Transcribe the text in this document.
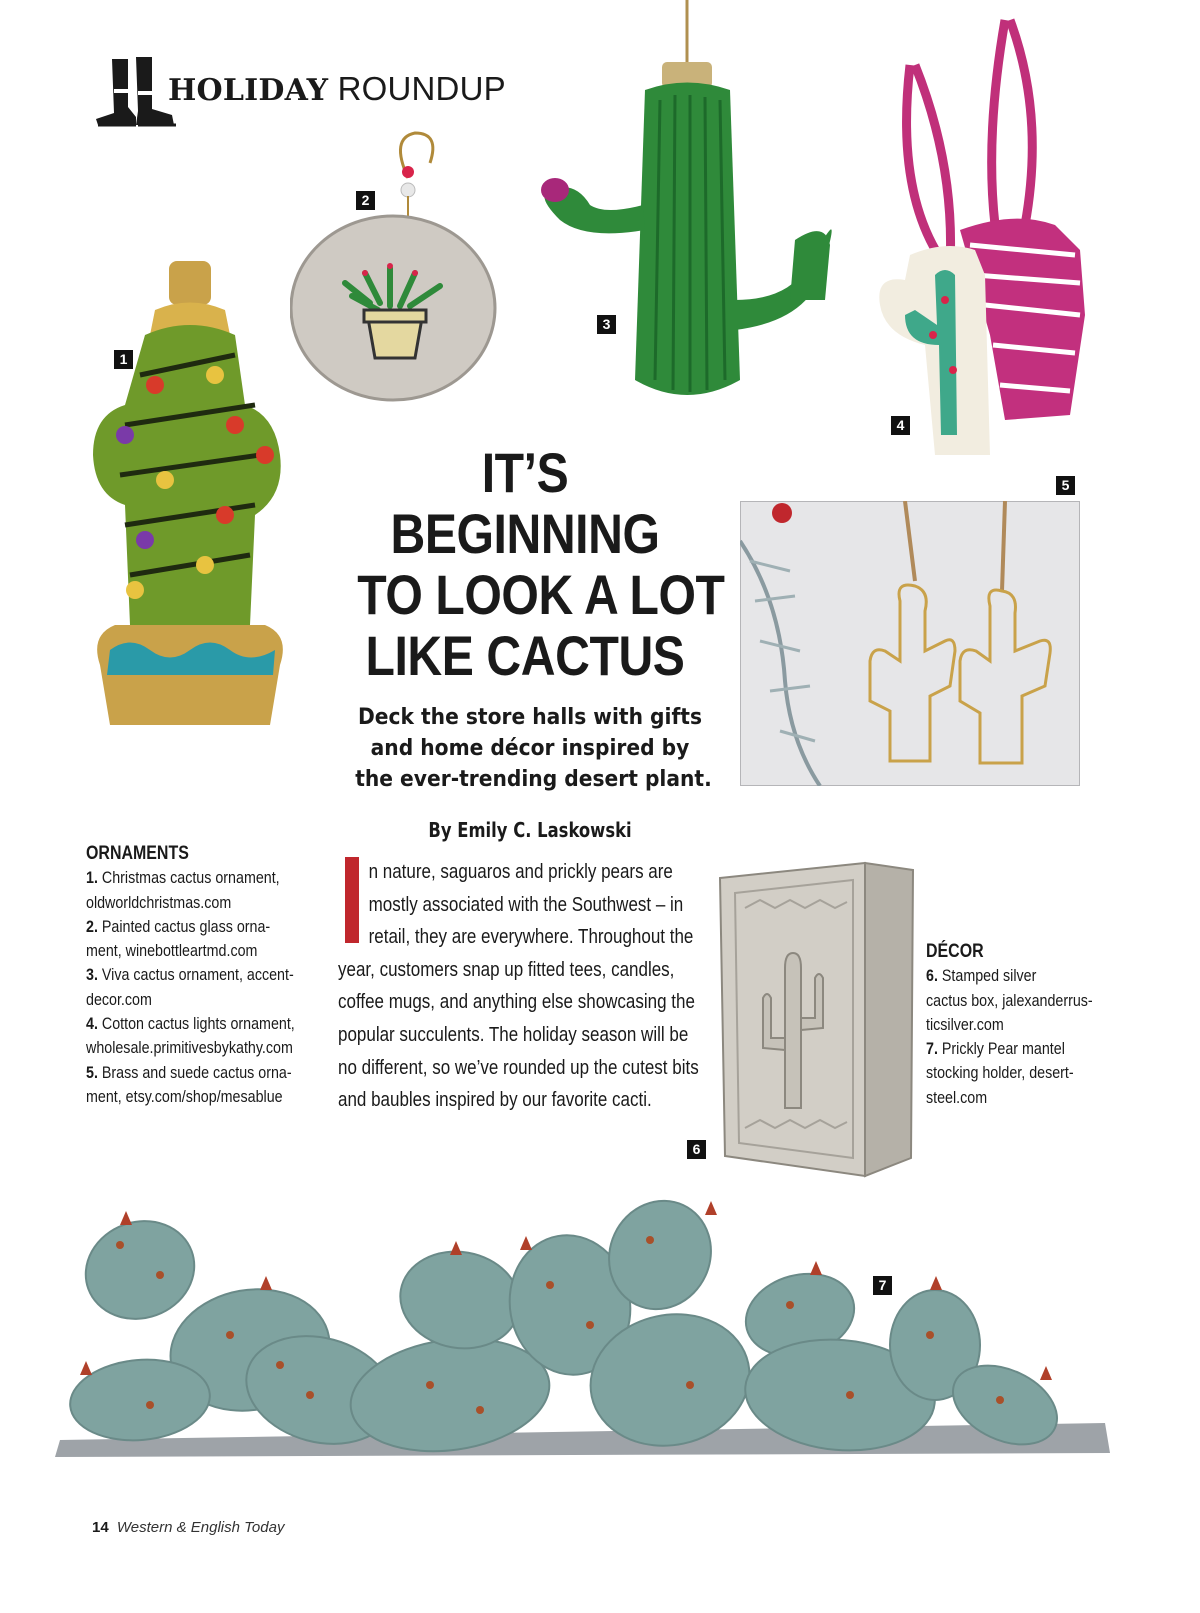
HOLIDAY ROUNDUP
1
2
3
4
5
IT’S
BEGINNING
TO LOOK A LOT
LIKE CACTUS
Deck the store halls with gifts
and home décor inspired by
the ever-trending desert plant.
By Emily C. Laskowski
n nature, saguaros and prickly pears are
mostly associated with the Southwest – in
retail, they are everywhere. Throughout the
year, customers snap up fitted tees, candles,
coffee mugs, and anything else showcasing the
popular succulents. The holiday season will be
no different, so we’ve rounded up the cutest bits
and baubles inspired by our favorite cacti.
ORNAMENTS
1. Christmas cactus ornament,
oldworldchristmas.com
2. Painted cactus glass orna-
ment, winebottleartmd.com
3. Viva cactus ornament, accent-
decor.com
4. Cotton cactus lights ornament,
wholesale.primitivesbykathy.com
5. Brass and suede cactus orna-
ment, etsy.com/shop/mesablue
6
DÉCOR
6. Stamped silver
cactus box, jalexanderrus-
ticsilver.com
7. Prickly Pear mantel
stocking holder, desert-
steel.com
7
14 Western & English Today
